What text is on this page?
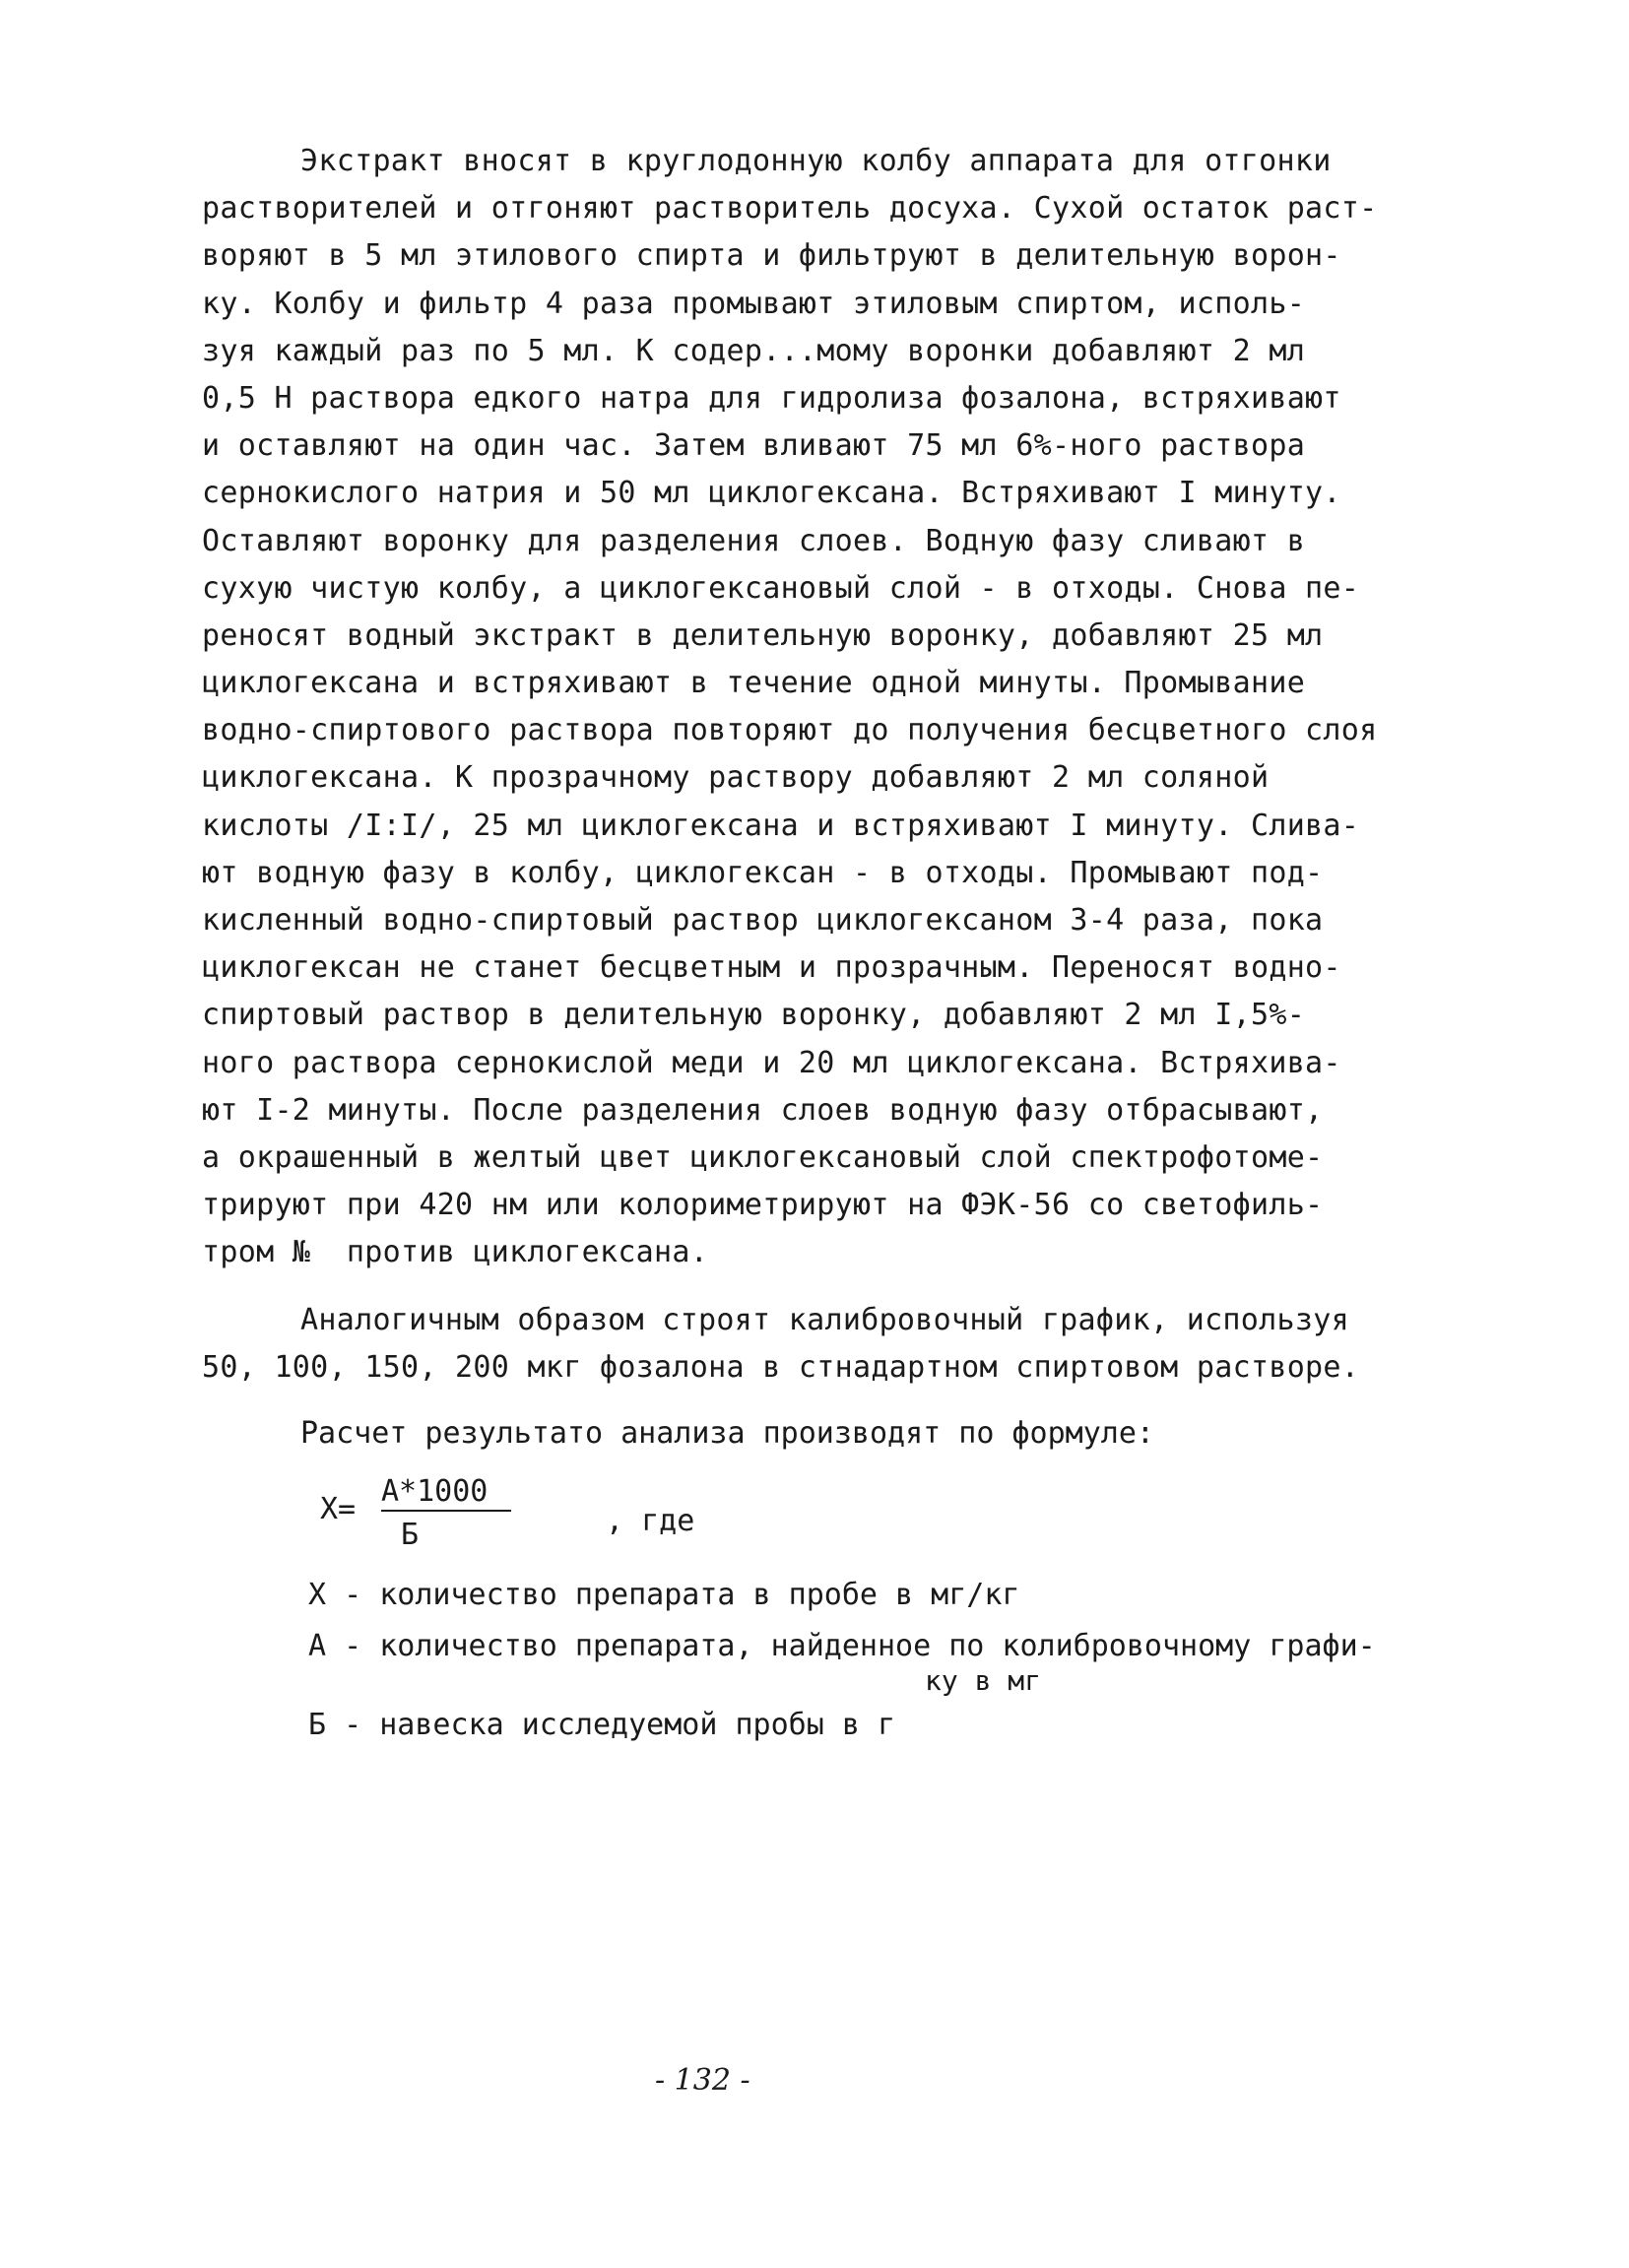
Экстракт вносят в круглодонную колбу аппарата для отгонки
растворителей и отгоняют растворитель досуха. Сухой остаток раст-
воряют в 5 мл этилового спирта и фильтруют в делительную ворон-
ку. Колбу и фильтр 4 раза промывают этиловым спиртом, исполь-
зуя каждый раз по 5 мл. К содер...мому воронки добавляют 2 мл
0,5 Н раствора едкого натра для гидролиза фозалона, встряхивают
и оставляют на один час. Затем вливают 75 мл 6%-ного раствора
сернокислого натрия и 50 мл циклогексана. Встряхивают I минуту.
Оставляют воронку для разделения слоев. Водную фазу сливают в
сухую чистую колбу, а циклогексановый слой - в отходы. Снова пе-
реносят водный экстракт в делительную воронку, добавляют 25 мл
циклогексана и встряхивают в течение одной минуты. Промывание
водно-спиртового раствора повторяют до получения бесцветного слоя
циклогексана. К прозрачному раствору добавляют 2 мл соляной
кислоты /I:I/, 25 мл циклогексана и встряхивают I минуту. Слива-
ют водную фазу в колбу, циклогексан - в отходы. Промывают под-
кисленный водно-спиртовый раствор циклогексаном 3-4 раза, пока
циклогексан не станет бесцветным и прозрачным. Переносят водно-
спиртовый раствор в делительную воронку, добавляют 2 мл I,5%-
ного раствора сернокислой меди и 20 мл циклогексана. Встряхива-
ют I-2 минуты. После разделения слоев водную фазу отбрасывают,
а окрашенный в желтый цвет циклогексановый слой спектрофотоме-
трируют при 420 нм или колориметрируют на ФЭК-56 со светофиль-
тром №  против циклогексана.
Аналогичным образом строят калибровочный график, используя
50, 100, 150, 200 мкг фозалона в стнадартном спиртовом растворе.
Расчет результато анализа производят по формуле:
Х=
А*1000
Б	, где
Х - количество препарата в пробе в мг/кг
А - количество препарата, найденное по колибровочному графи-
ку в мг
Б - навеска исследуемой пробы в г
- 132 -
